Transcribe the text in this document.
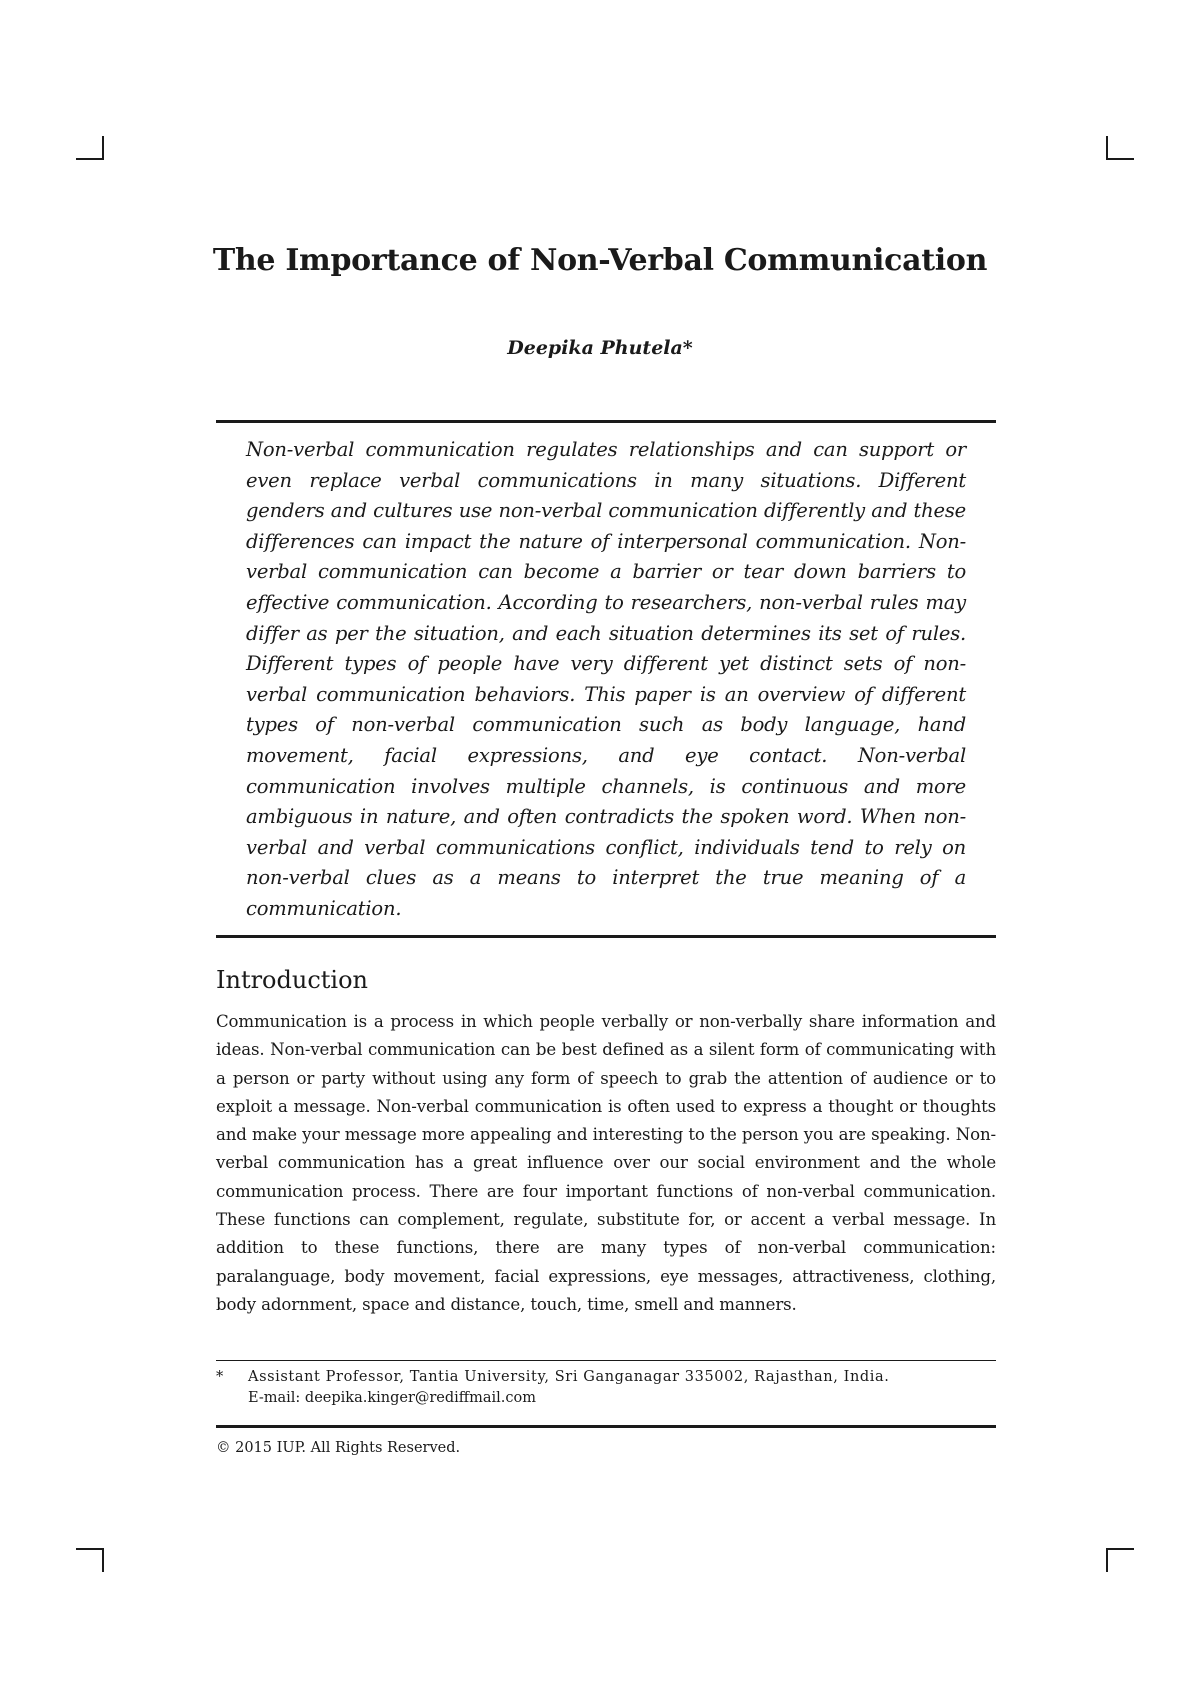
The Importance of Non-Verbal Communication
Deepika Phutela*

Non-verbal communication regulates relationships and can support or even replace verbal communications in many situations. Different genders and cultures use non-verbal communication differently and these differences can impact the nature of interpersonal communication. Non-verbal communication can become a barrier or tear down barriers to effective communication. According to researchers, non-verbal rules may differ as per the situation, and each situation determines its set of rules. Different types of people have very different yet distinct sets of non-verbal communication behaviors. This paper is an overview of different types of non-verbal communication such as body language, hand movement, facial expressions, and eye contact. Non-verbal communication involves multiple channels, is continuous and more ambiguous in nature, and often contradicts the spoken word. When non-verbal and verbal communications conflict, individuals tend to rely on non-verbal clues as a means to interpret the true meaning of a communication.

Introduction

Communication is a process in which people verbally or non-verbally share information and ideas. Non-verbal communication can be best defined as a silent form of communicating with a person or party without using any form of speech to grab the attention of audience or to exploit a message. Non-verbal communication is often used to express a thought or thoughts and make your message more appealing and interesting to the person you are speaking. Non-verbal communication has a great influence over our social environment and the whole communication process. There are four important functions of non-verbal communication. These functions can complement, regulate, substitute for, or accent a verbal message. In addition to these functions, there are many types of non-verbal communication: paralanguage, body movement, facial expressions, eye messages, attractiveness, clothing, body adornment, space and distance, touch, time, smell and manners.

* Assistant Professor, Tantia University, Sri Ganganagar 335002, Rajasthan, India.
E-mail: deepika.kinger@rediffmail.com
© 2015 IUP. All Rights Reserved.
